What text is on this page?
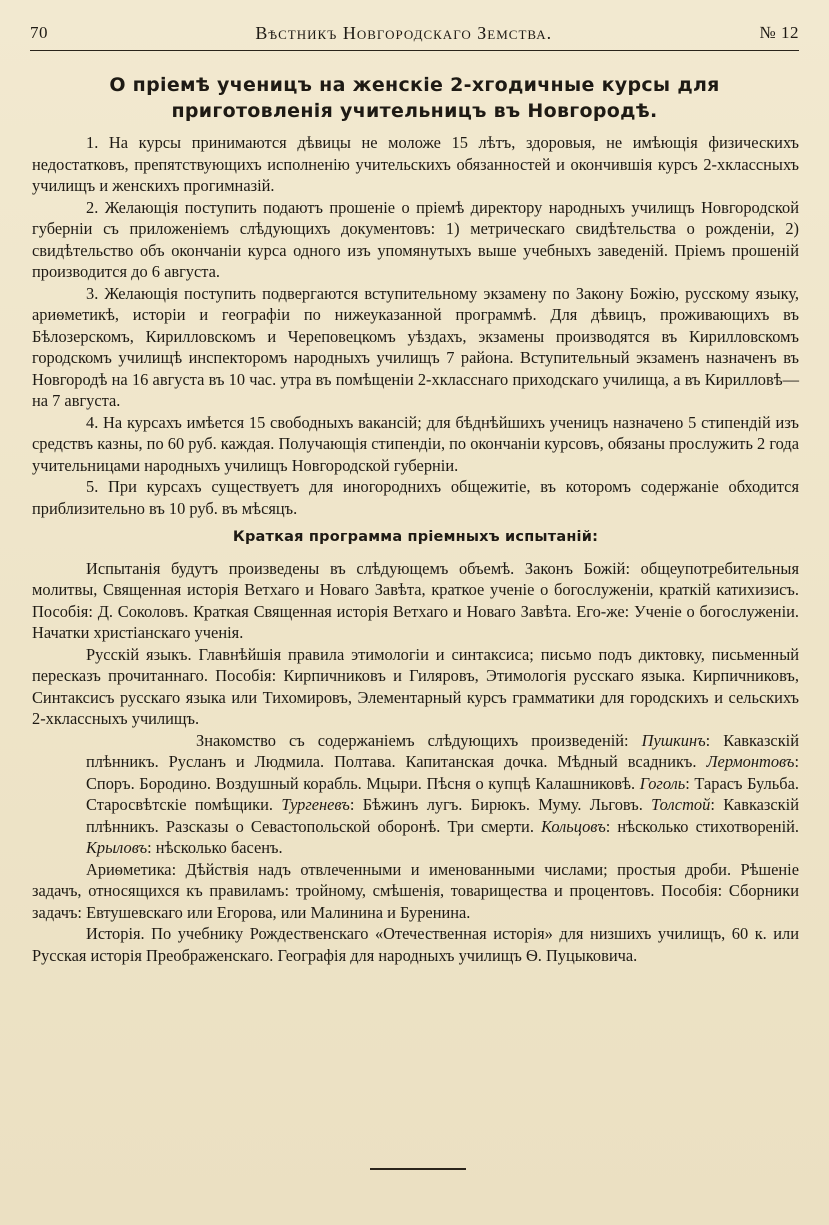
70	Вѣстникъ Новгородскаго Земства.	№ 12
О пріемѣ ученицъ на женскіе 2-хгодичные курсы для приготовленія учительницъ въ Новгородѣ.

1. На курсы принимаются дѣвицы не моложе 15 лѣтъ, здоровыя, не имѣющія физическихъ недостатковъ, препятствующихъ исполненію учительскихъ обязанностей и окончившія курсъ 2-хклассныхъ училищъ и женскихъ прогимназій.

2. Желающія поступить подаютъ прошеніе о пріемѣ директору народныхъ училищъ Новгородской губерніи съ приложеніемъ слѣдующихъ документовъ: 1) метрическаго свидѣтельства о рожденіи, 2) свидѣтельство объ окончаніи курса одного изъ упомянутыхъ выше учебныхъ заведеній. Пріемъ прошеній производится до 6 августа.

3. Желающія поступить подвергаются вступительному экзамену по Закону Божію, русскому языку, ариѳметикѣ, исторіи и географіи по нижеуказанной программѣ. Для дѣвицъ, проживающихъ въ Бѣлозерскомъ, Кирилловскомъ и Череповецкомъ уѣздахъ, экзамены производятся въ Кирилловскомъ городскомъ училищѣ инспекторомъ народныхъ училищъ 7 района. Вступительный экзаменъ назначенъ въ Новгородѣ на 16 августа въ 10 час. утра въ помѣщеніи 2-хкласснаго приходскаго училища, а въ Кирилловѣ—на 7 августа.

4. На курсахъ имѣется 15 свободныхъ вакансій; для бѣднѣйшихъ ученицъ назначено 5 стипендій изъ средствъ казны, по 60 руб. каждая. Получающія стипендіи, по окончаніи курсовъ, обязаны прослужить 2 года учительницами народныхъ училищъ Новгородской губерніи.

5. При курсахъ существуетъ для иногороднихъ общежитіе, въ которомъ содержаніе обходится приблизительно въ 10 руб. въ мѣсяцъ.

Краткая программа пріемныхъ испытаній:

Испытанія будутъ произведены въ слѣдующемъ объемѣ. Законъ Божій: общеупотребительныя молитвы, Священная исторія Ветхаго и Новаго Завѣта, краткое ученіе о богослуженіи, краткій катихизисъ. Пособія: Д. Соколовъ. Краткая Священная исторія Ветхаго и Новаго Завѣта. Его-же: Ученіе о богослуженіи. Начатки христіанскаго ученія.

Русскій языкъ. Главнѣйшія правила этимологіи и синтаксиса; письмо подъ диктовку, письменный пересказъ прочитаннаго. Пособія: Кирпичниковъ и Гиляровъ, Этимологія русскаго языка. Кирпичниковъ, Синтаксисъ русскаго языка или Тихомировъ, Элементарный курсъ грамматики для городскихъ и сельскихъ 2-хклассныхъ училищъ.

Знакомство съ содержаніемъ слѣдующихъ произведеній: Пушкинъ: Кавказскій плѣнникъ. Русланъ и Людмила. Полтава. Капитанская дочка. Мѣдный всадникъ. Лермонтовъ: Споръ. Бородино. Воздушный корабль. Мцыри. Пѣсня о купцѣ Калашниковѣ. Гоголь: Тарасъ Бульба. Старосвѣтскіе помѣщики. Тургеневъ: Бѣжинъ лугъ. Бирюкъ. Муму. Льговъ. Толстой: Кавказскій плѣнникъ. Разсказы о Севастопольской оборонѣ. Три смерти. Кольцовъ: нѣсколько стихотвореній. Крыловъ: нѣсколько басенъ.

Ариѳметика: Дѣйствія надъ отвлеченными и именованными числами; простыя дроби. Рѣшеніе задачъ, относящихся къ правиламъ: тройному, смѣшенія, товарищества и процентовъ. Пособія: Сборники задачъ: Евтушевскаго или Егорова, или Малинина и Буренина.

Исторія. По учебнику Рождественскаго «Отечественная исторія» для низшихъ училищъ, 60 к. или Русская исторія Преображенскаго. Географія для народныхъ училищъ Ѳ. Пуцыковича.
